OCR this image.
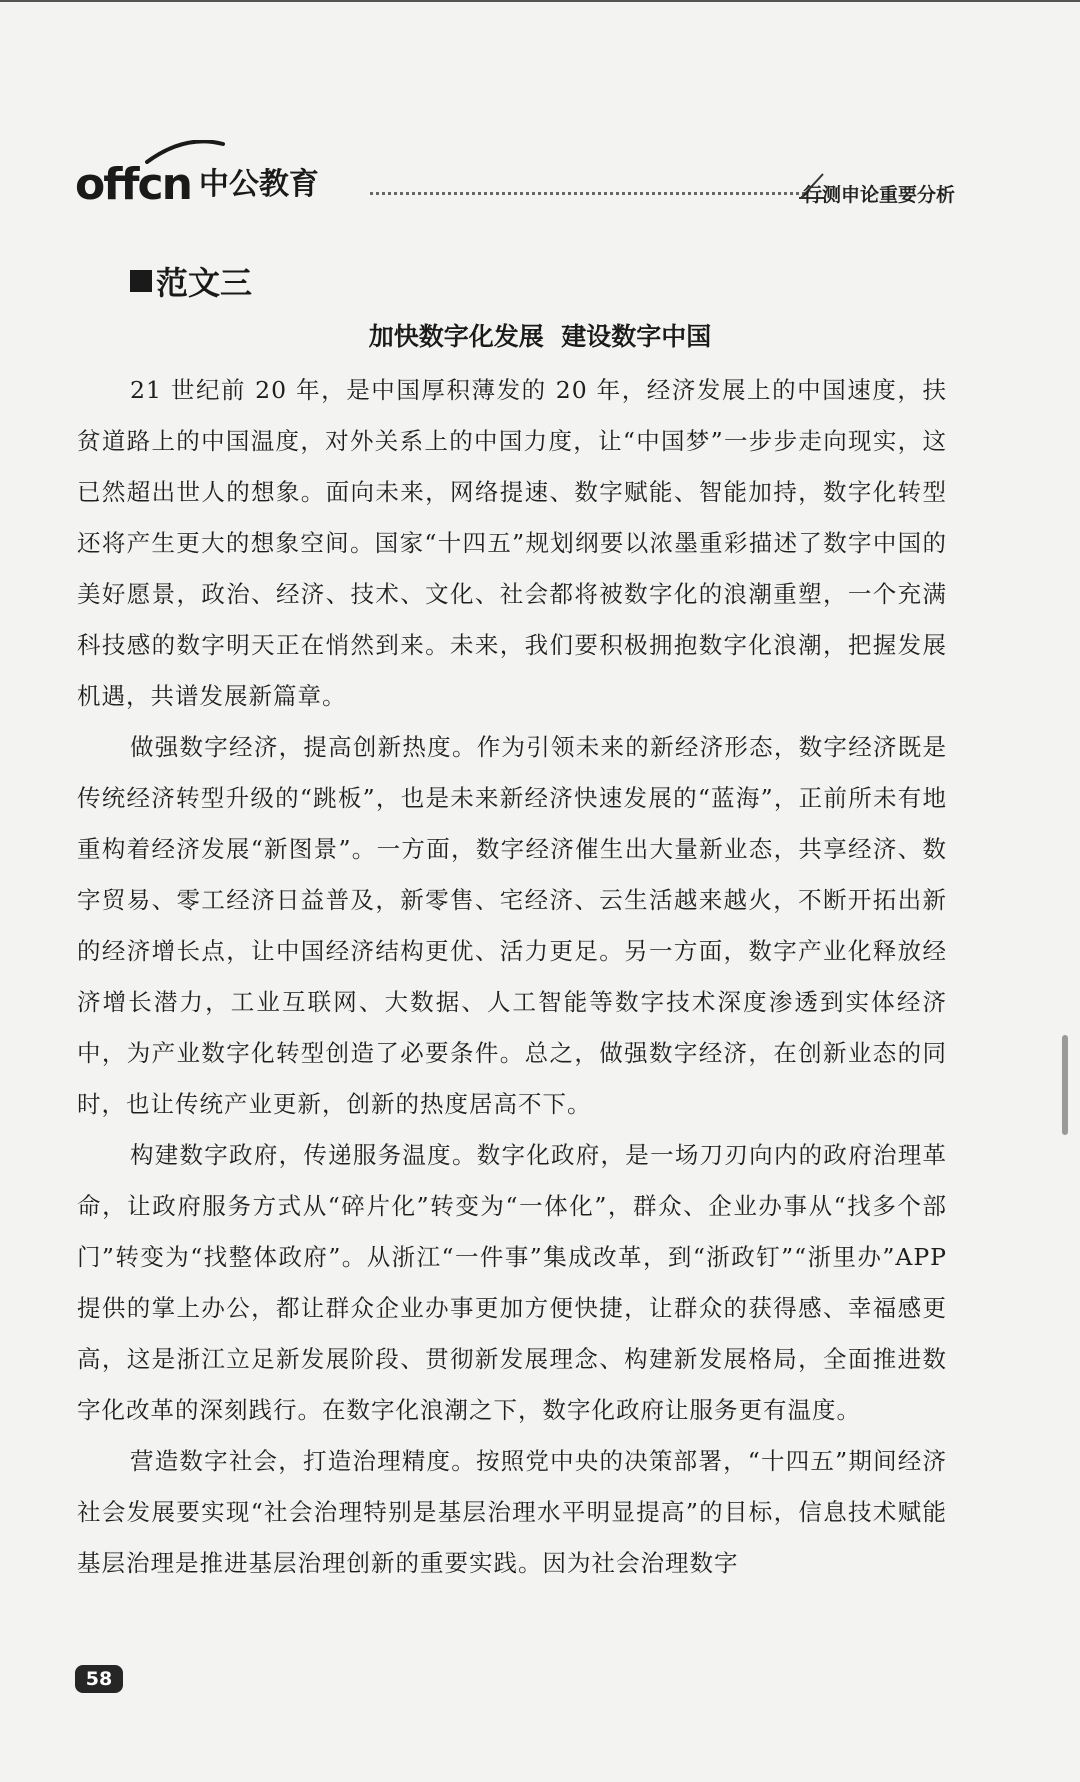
offcn 中公教育	行测申论重要分析
范文三
加快数字化发展  建设数字中国

21 世纪前 20 年，是中国厚积薄发的 20 年，经济发展上的中国速度，扶贫道路上的中国温度，对外关系上的中国力度，让“中国梦”一步步走向现实，这已然超出世人的想象。面向未来，网络提速、数字赋能、智能加持，数字化转型还将产生更大的想象空间。国家“十四五”规划纲要以浓墨重彩描述了数字中国的美好愿景，政治、经济、技术、文化、社会都将被数字化的浪潮重塑，一个充满科技感的数字明天正在悄然到来。未来，我们要积极拥抱数字化浪潮，把握发展机遇，共谱发展新篇章。

做强数字经济，提高创新热度。作为引领未来的新经济形态，数字经济既是传统经济转型升级的“跳板”，也是未来新经济快速发展的“蓝海”，正前所未有地重构着经济发展“新图景”。一方面，数字经济催生出大量新业态，共享经济、数字贸易、零工经济日益普及，新零售、宅经济、云生活越来越火，不断开拓出新的经济增长点，让中国经济结构更优、活力更足。另一方面，数字产业化释放经济增长潜力，工业互联网、大数据、人工智能等数字技术深度渗透到实体经济中，为产业数字化转型创造了必要条件。总之，做强数字经济，在创新业态的同时，也让传统产业更新，创新的热度居高不下。

构建数字政府，传递服务温度。数字化政府，是一场刀刃向内的政府治理革命，让政府服务方式从“碎片化”转变为“一体化”，群众、企业办事从“找多个部门”转变为“找整体政府”。从浙江“一件事”集成改革，到“浙政钉”“浙里办”APP 提供的掌上办公，都让群众企业办事更加方便快捷，让群众的获得感、幸福感更高，这是浙江立足新发展阶段、贯彻新发展理念、构建新发展格局，全面推进数字化改革的深刻践行。在数字化浪潮之下，数字化政府让服务更有温度。

营造数字社会，打造治理精度。按照党中央的决策部署，“十四五”期间经济社会发展要实现“社会治理特别是基层治理水平明显提高”的目标，信息技术赋能基层治理是推进基层治理创新的重要实践。因为社会治理数字

58
